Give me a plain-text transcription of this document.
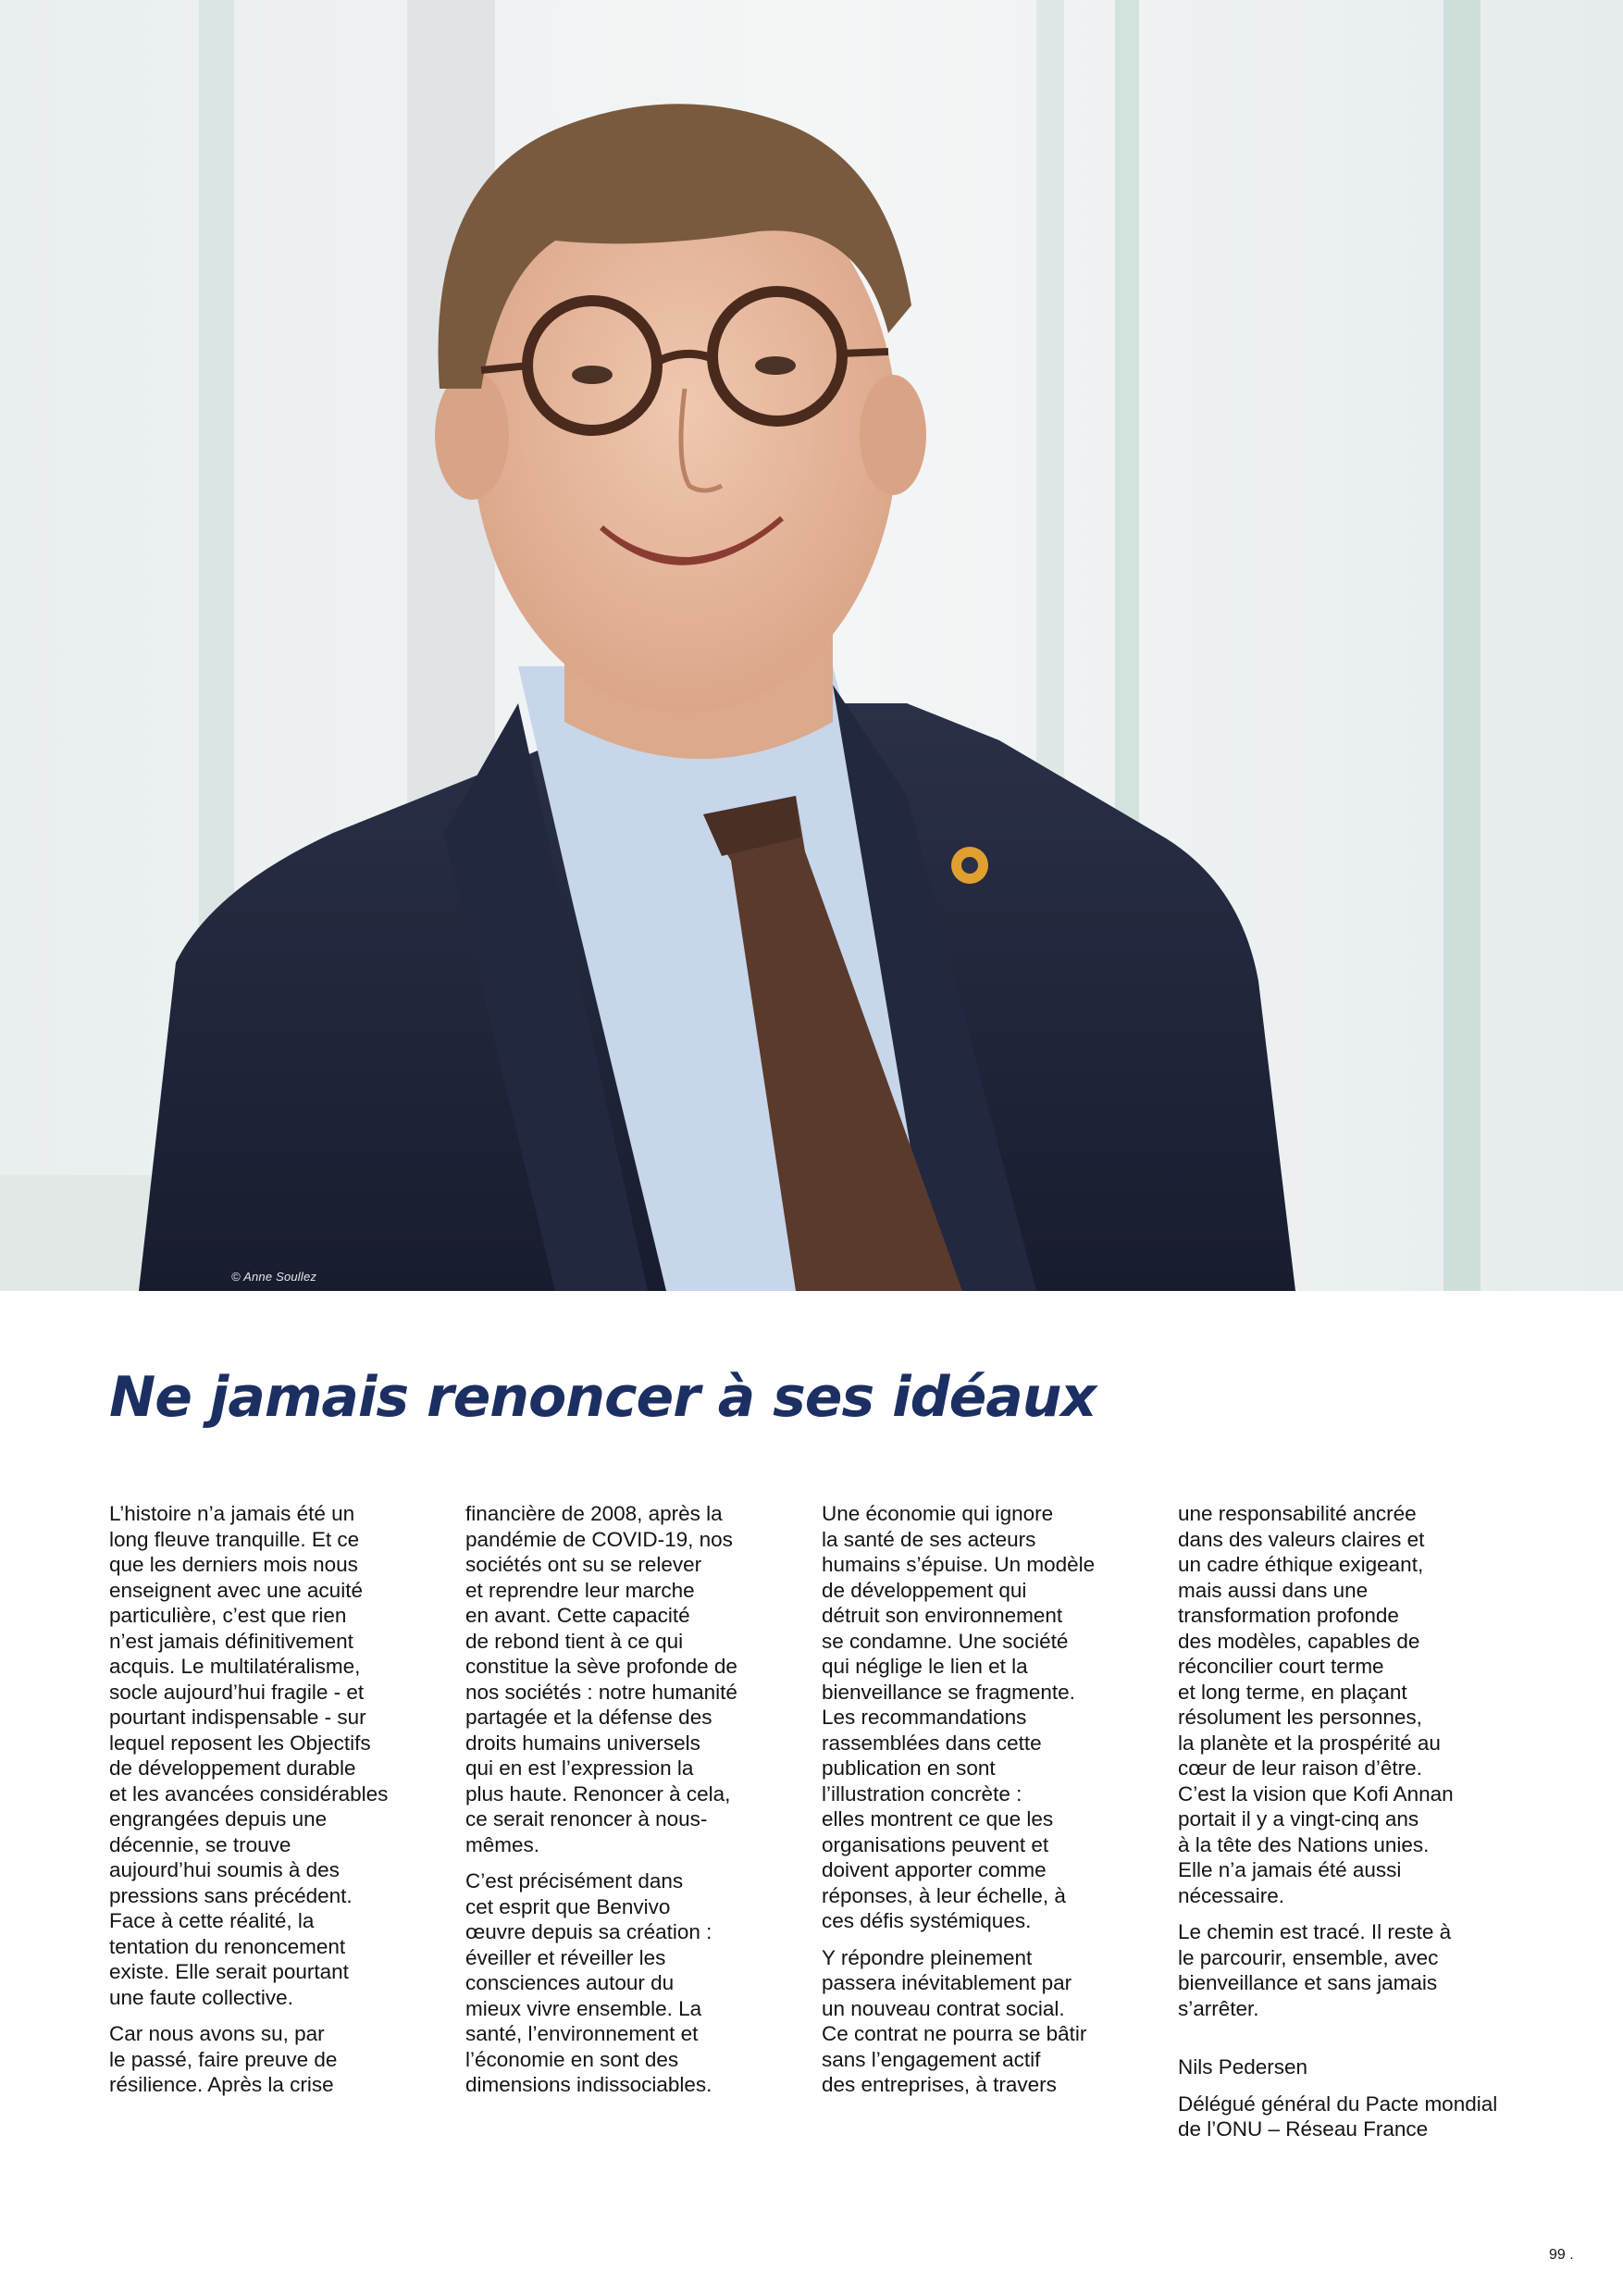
© Anne Soullez
Ne jamais renoncer à ses idéaux

L’histoire n’a jamais été un
long fleuve tranquille. Et ce
que les derniers mois nous
enseignent avec une acuité
particulière, c’est que rien
n’est jamais définitivement
acquis. Le multilatéralisme,
socle aujourd’hui fragile - et
pourtant indispensable - sur
lequel reposent les Objectifs
de développement durable
et les avancées considérables
engrangées depuis une
décennie, se trouve
aujourd’hui soumis à des
pressions sans précédent.
Face à cette réalité, la
tentation du renoncement
existe. Elle serait pourtant
une faute collective.

Car nous avons su, par
le passé, faire preuve de
résilience. Après la crise

financière de 2008, après la
pandémie de COVID-19, nos
sociétés ont su se relever
et reprendre leur marche
en avant. Cette capacité
de rebond tient à ce qui
constitue la sève profonde de
nos sociétés : notre humanité
partagée et la défense des
droits humains universels
qui en est l’expression la
plus haute. Renoncer à cela,
ce serait renoncer à nous-
mêmes.

C’est précisément dans
cet esprit que Benvivo
œuvre depuis sa création :
éveiller et réveiller les
consciences autour du
mieux vivre ensemble. La
santé, l’environnement et
l’économie en sont des
dimensions indissociables.

Une économie qui ignore
la santé de ses acteurs
humains s’épuise. Un modèle
de développement qui
détruit son environnement
se condamne. Une société
qui néglige le lien et la
bienveillance se fragmente.
Les recommandations
rassemblées dans cette
publication en sont
l’illustration concrète :
elles montrent ce que les
organisations peuvent et
doivent apporter comme
réponses, à leur échelle, à
ces défis systémiques.

Y répondre pleinement
passera inévitablement par
un nouveau contrat social.
Ce contrat ne pourra se bâtir
sans l’engagement actif
des entreprises, à travers

une responsabilité ancrée
dans des valeurs claires et
un cadre éthique exigeant,
mais aussi dans une
transformation profonde
des modèles, capables de
réconcilier court terme
et long terme, en plaçant
résolument les personnes,
la planète et la prospérité au
cœur de leur raison d’être.
C’est la vision que Kofi Annan
portait il y a vingt-cinq ans
à la tête des Nations unies.
Elle n’a jamais été aussi
nécessaire.

Le chemin est tracé. Il reste à
le parcourir, ensemble, avec
bienveillance et sans jamais
s’arrêter.

Nils Pedersen

Délégué général du Pacte mondial
de l’ONU – Réseau France

99 .
